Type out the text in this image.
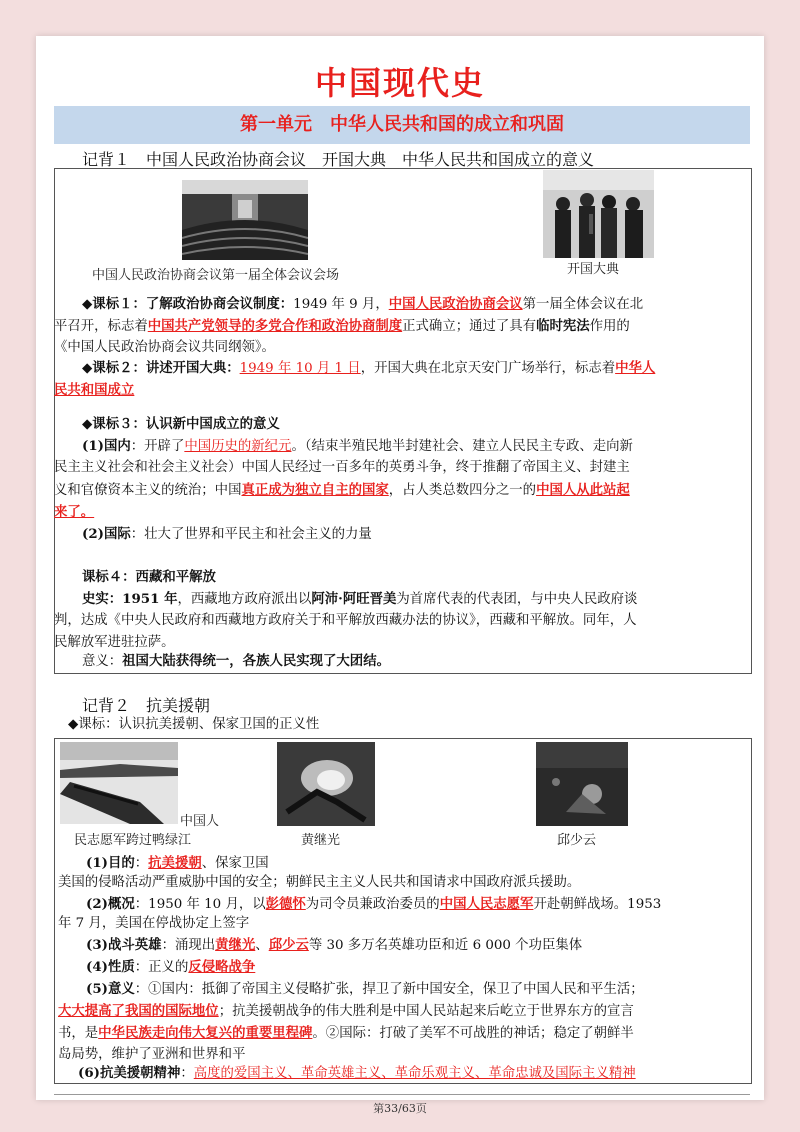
中国现代史
第一单元　中华人民共和国的成立和巩固
记背１　中国人民政治协商会议　开国大典　中华人民共和国成立的意义
中国人民政治协商会议第一届全体会议会场	开国大典
◆课标１：了解政治协商会议制度：1949 年 9 月，中国人民政治协商会议第一届全体会议在北
平召开，标志着中国共产党领导的多党合作和政治协商制度正式确立；通过了具有临时宪法作用的
《中国人民政治协商会议共同纲领》。
◆课标２：讲述开国大典：1949 年 10 月 1 日，开国大典在北京天安门广场举行，标志着中华人
民共和国成立
◆课标３：认识新中国成立的意义
(1)国内：开辟了中国历史的新纪元。（结束半殖民地半封建社会、建立人民民主专政、走向新
民主主义社会和社会主义社会）中国人民经过一百多年的英勇斗争，终于推翻了帝国主义、封建主
义和官僚资本主义的统治；中国真正成为独立自主的国家，占人类总数四分之一的中国人从此站起
来了。
(2)国际：壮大了世界和平民主和社会主义的力量
课标４：西藏和平解放
史实：1951 年，西藏地方政府派出以阿沛·阿旺晋美为首席代表的代表团，与中央人民政府谈
判，达成《中央人民政府和西藏地方政府关于和平解放西藏办法的协议》，西藏和平解放。同年，人
民解放军进驻拉萨。
意义：祖国大陆获得统一，各族人民实现了大团结。
记背２　抗美援朝
◆课标：认识抗美援朝、保家卫国的正义性
中国人
民志愿军跨过鸭绿江	黄继光	邱少云
(1)目的：抗美援朝、保家卫国
美国的侵略活动严重威胁中国的安全；朝鲜民主主义人民共和国请求中国政府派兵援助。
(2)概况：1950 年 10 月，以彭德怀为司令员兼政治委员的中国人民志愿军开赴朝鲜战场。1953
年 7 月，美国在停战协定上签字
(3)战斗英雄：涌现出黄继光、邱少云等 30 多万名英雄功臣和近 6 000 个功臣集体
(4)性质：正义的反侵略战争
(5)意义：①国内：抵御了帝国主义侵略扩张，捍卫了新中国安全，保卫了中国人民和平生活；
大大提高了我国的国际地位；抗美援朝战争的伟大胜利是中国人民站起来后屹立于世界东方的宣言
书，是中华民族走向伟大复兴的重要里程碑。②国际：打破了美军不可战胜的神话；稳定了朝鲜半
岛局势，维护了亚洲和世界和平
(6)抗美援朝精神：高度的爱国主义、革命英雄主义、革命乐观主义、革命忠诚及国际主义精神
第33/63页
